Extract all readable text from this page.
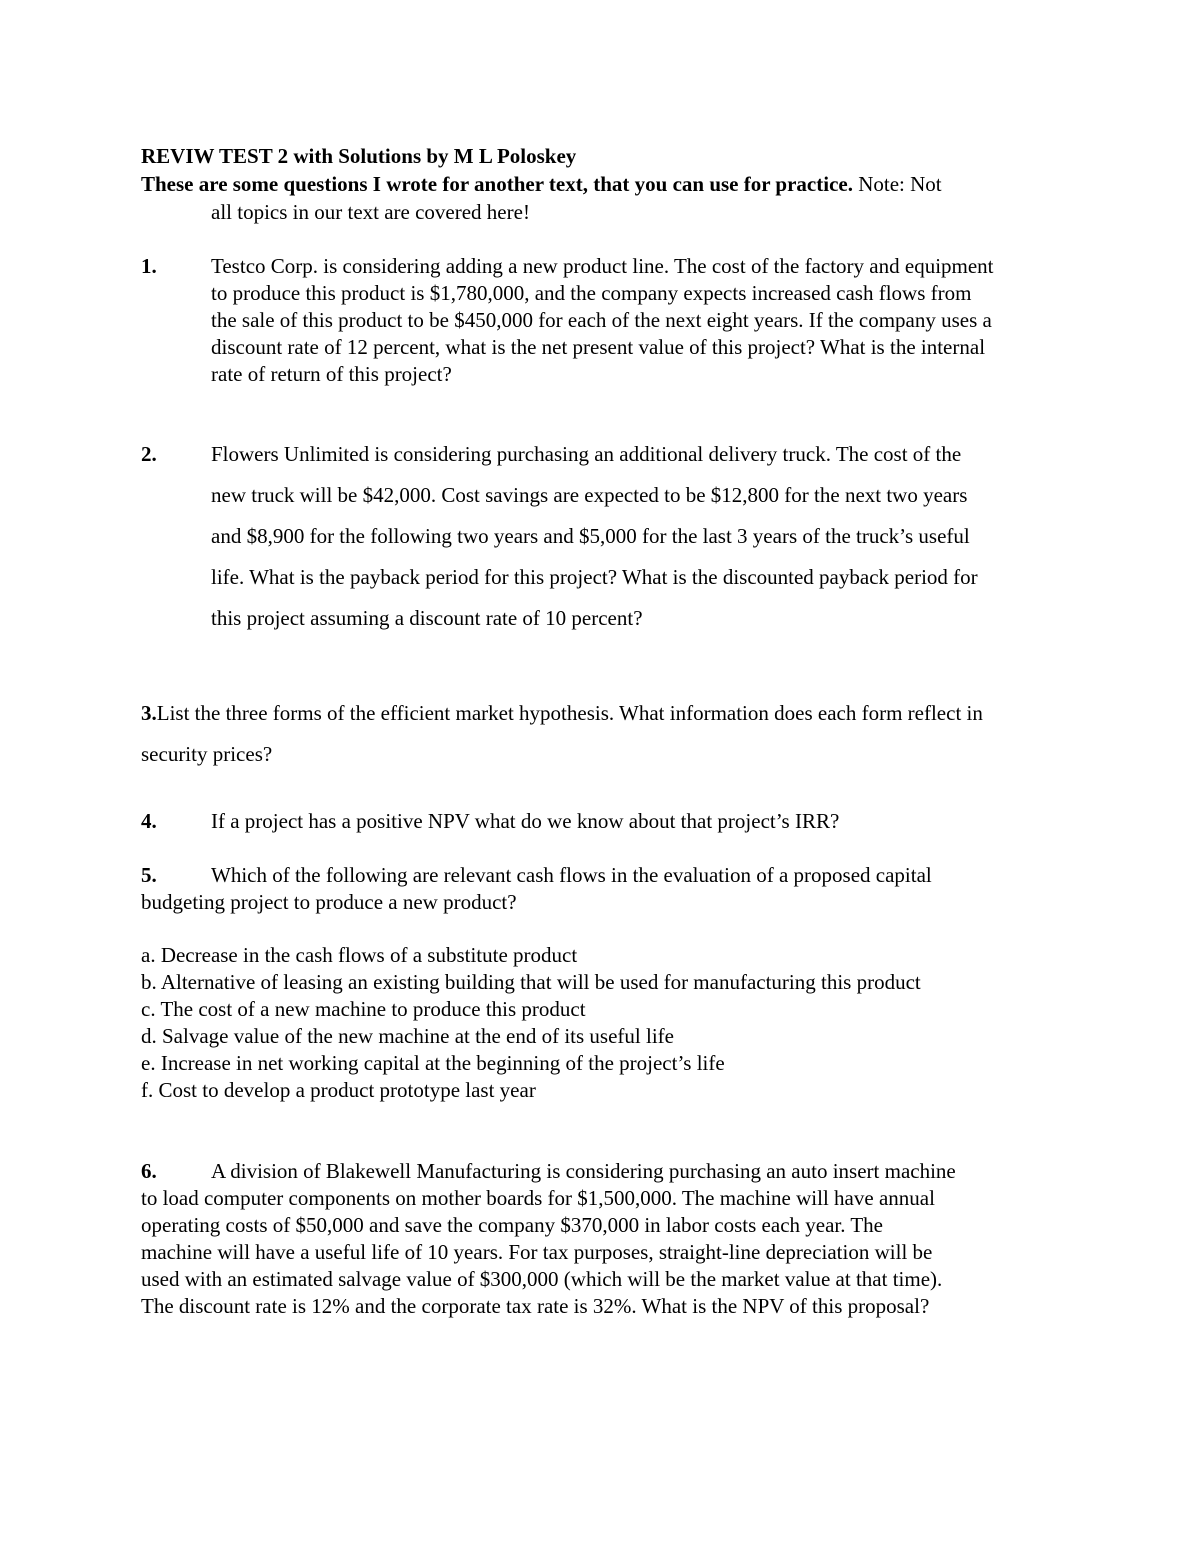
REVIW TEST 2 with Solutions by M L Poloskey
These are some questions I wrote for another text, that you can use for practice. Note: Not
all topics in our text are covered here!
1.	Testco Corp. is considering adding a new product line. The cost of the factory and equipment
to produce this product is $1,780,000, and the company expects increased cash flows from
the sale of this product to be $450,000 for each of the next eight years. If the company uses a
discount rate of 12 percent, what is the net present value of this project? What is the internal
rate of return of this project?
2.	Flowers Unlimited is considering purchasing an additional delivery truck. The cost of the
new truck will be $42,000. Cost savings are expected to be $12,800 for the next two years
and $8,900 for the following two years and $5,000 for the last 3 years of the truck’s useful
life. What is the payback period for this project? What is the discounted payback period for
this project assuming a discount rate of 10 percent?
3.List the three forms of the efficient market hypothesis. What information does each form reflect in
security prices?
4.	If a project has a positive NPV what do we know about that project’s IRR?
5.	Which of the following are relevant cash flows in the evaluation of a proposed capital
budgeting project to produce a new product?
a. Decrease in the cash flows of a substitute product
b. Alternative of leasing an existing building that will be used for manufacturing this product
c. The cost of a new machine to produce this product
d. Salvage value of the new machine at the end of its useful life
e. Increase in net working capital at the beginning of the project’s life
f. Cost to develop a product prototype last year
6.	A division of Blakewell Manufacturing is considering purchasing an auto insert machine
to load computer components on mother boards for $1,500,000. The machine will have annual
operating costs of $50,000 and save the company $370,000 in labor costs each year. The
machine will have a useful life of 10 years. For tax purposes, straight-line depreciation will be
used with an estimated salvage value of $300,000 (which will be the market value at that time).
The discount rate is 12% and the corporate tax rate is 32%. What is the NPV of this proposal?
